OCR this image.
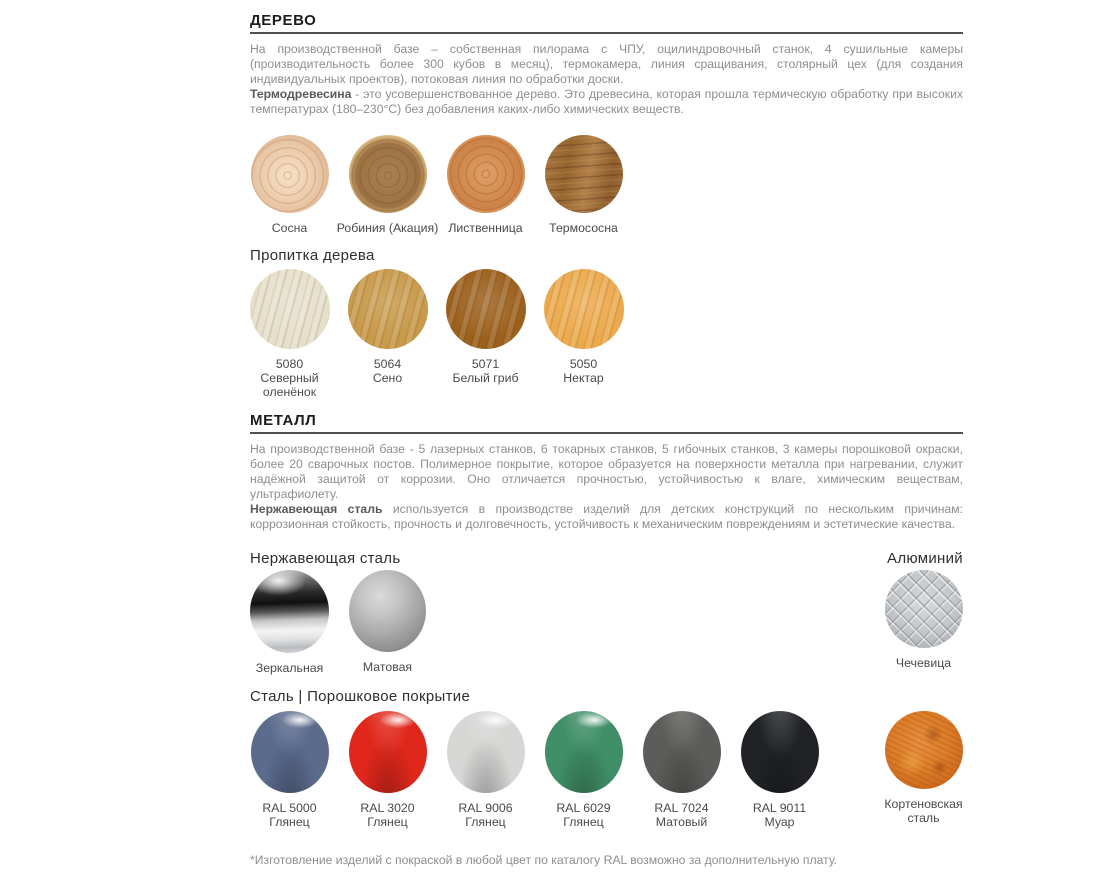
ДЕРЕВО

На производственной базе – собственная пилорама с ЧПУ, оцилиндровочный станок, 4 сушильные камеры (производительность более 300 кубов в месяц), термокамера, линия сращивания, столярный цех (для создания индивидуальных проектов), потоковая линия по обработки доски.

Термодревесина - это усовершенствованное дерево. Это древесина, которая прошла термическую обработку при высоких температурах (180–230°C) без добавления каких-либо химических веществ.

Сосна Робиния (Акация) Лиственница Термососна
Пропитка дерева
5080
Северный оленёнок
5064
Сено
5071
Белый гриб
5050
Нектар
МЕТАЛЛ

На производственной базе - 5 лазерных станков, 6 токарных станков, 5 гибочных станков, 3 камеры порошковой окраски, более 20 сварочных постов. Полимерное покрытие, которое образуется на поверхности металла при нагревании, служит надёжной защитой от коррозии. Оно отличается прочностью, устойчивостью к влаге, химическим веществам, ультрафиолету.

Нержавеющая сталь используется в производстве изделий для детских конструкций по нескольким причинам: коррозионная стойкость, прочность и долговечность, устойчивость к механическим повреждениям и эстетические качества.

Нержавеющая сталь	Алюминий
Зеркальная	Матовая	Чечевица
Сталь | Порошковое покрытие
RAL 5000
Глянец
RAL 3020
Глянец
RAL 9006
Глянец
RAL 6029
Глянец
RAL 7024
Матовый
RAL 9011
Муар
Кортеновская сталь

*Изготовление изделий с покраской в любой цвет по каталогу RAL возможно за дополнительную плату.
